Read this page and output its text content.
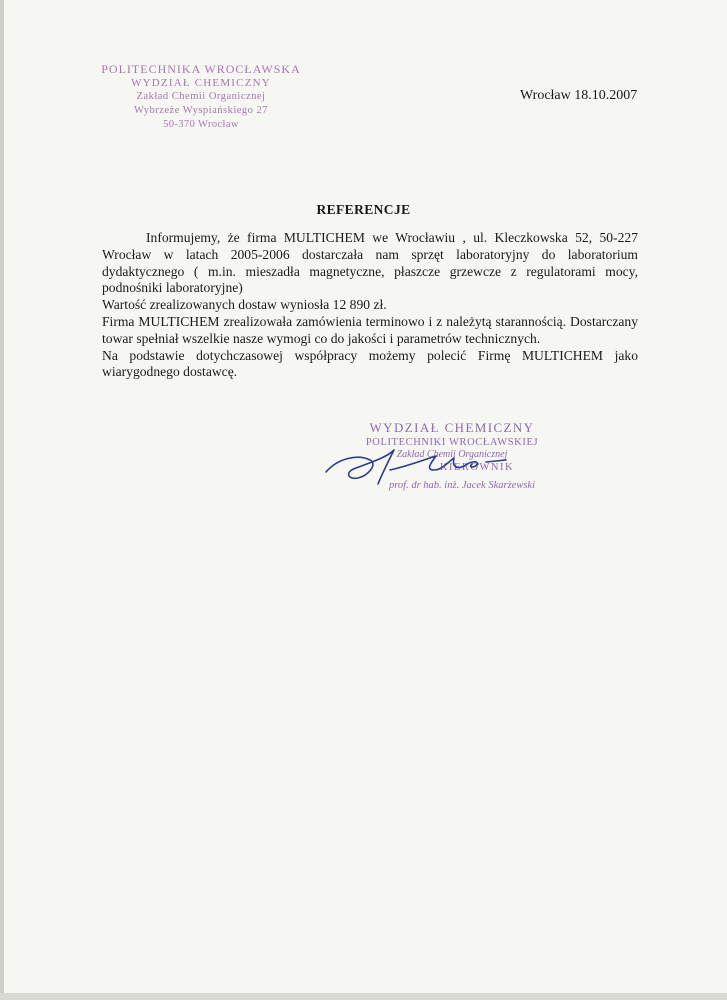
POLITECHNIKA WROCŁAWSKA
WYDZIAŁ CHEMICZNY
Zakład Chemii Organicznej
Wybrzeże Wyspiańskiego 27
50-370 Wrocław
Wrocław 18.10.2007
REFERENCJE

Informujemy, że firma MULTICHEM we Wrocławiu , ul. Kleczkowska 52, 50-227 Wrocław w latach 2005-2006 dostarczała nam sprzęt laboratoryjny do laboratorium dydaktycznego ( m.in. mieszadła magnetyczne, płaszcze grzewcze z regulatorami mocy, podnośniki laboratoryjne)

Wartość zrealizowanych dostaw wyniosła 12 890 zł.

Firma MULTICHEM zrealizowała zamówienia terminowo i z należytą starannością. Dostarczany towar spełniał wszelkie nasze wymogi co do jakości i parametrów technicznych.

Na podstawie dotychczasowej współpracy możemy polecić Firmę MULTICHEM jako wiarygodnego dostawcę.

WYDZIAŁ CHEMICZNY
POLITECHNIKI WROCŁAWSKIEJ
Zakład Chemii Organicznej
KIEROWNIK
prof. dr hab. inż. Jacek Skarżewski
